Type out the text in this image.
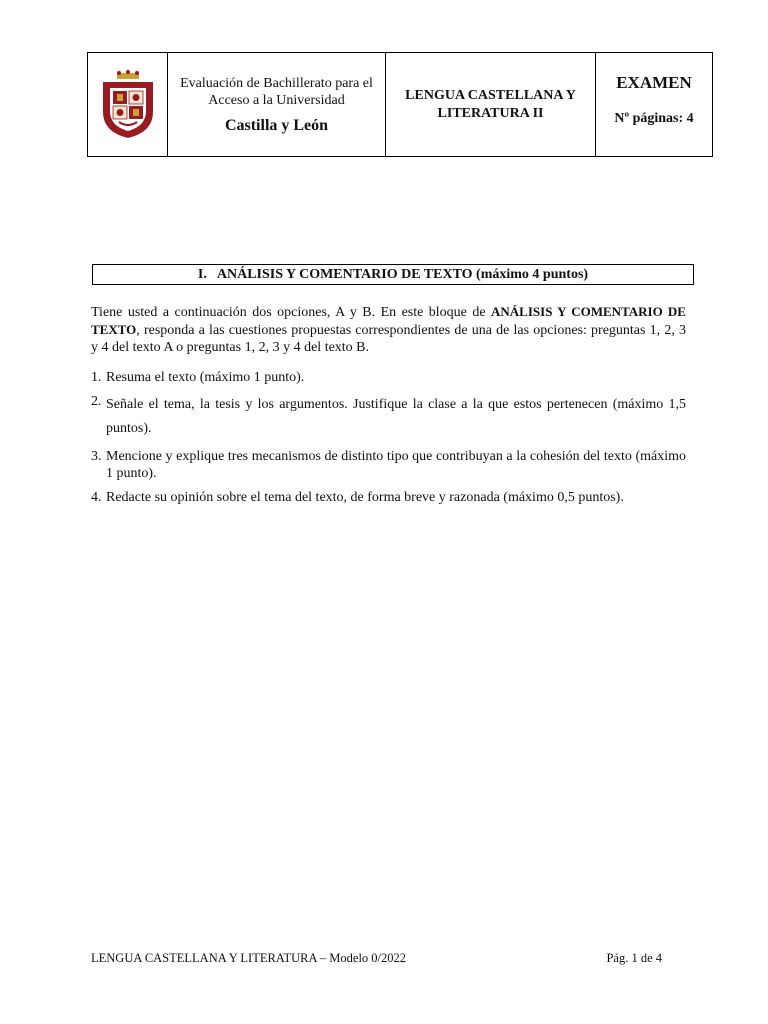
Evaluación de Bachillerato para el Acceso a la Universidad
Castilla y León
LENGUA CASTELLANA Y LITERATURA II
EXAMEN
Nº páginas: 4
I. ANÁLISIS Y COMENTARIO DE TEXTO (máximo 4 puntos)
Tiene usted a continuación dos opciones, A y B. En este bloque de ANÁLISIS Y COMENTARIO DE TEXTO, responda a las cuestiones propuestas correspondientes de una de las opciones: preguntas 1, 2, 3 y 4 del texto A o preguntas 1, 2, 3 y 4 del texto B.
1. Resuma el texto (máximo 1 punto).
2. Señale el tema, la tesis y los argumentos. Justifique la clase a la que estos pertenecen (máximo 1,5 puntos).
3. Mencione y explique tres mecanismos de distinto tipo que contribuyan a la cohesión del texto (máximo 1 punto).
4. Redacte su opinión sobre el tema del texto, de forma breve y razonada (máximo 0,5 puntos).
LENGUA CASTELLANA Y LITERATURA – Modelo 0/2022	Pág. 1 de 4
